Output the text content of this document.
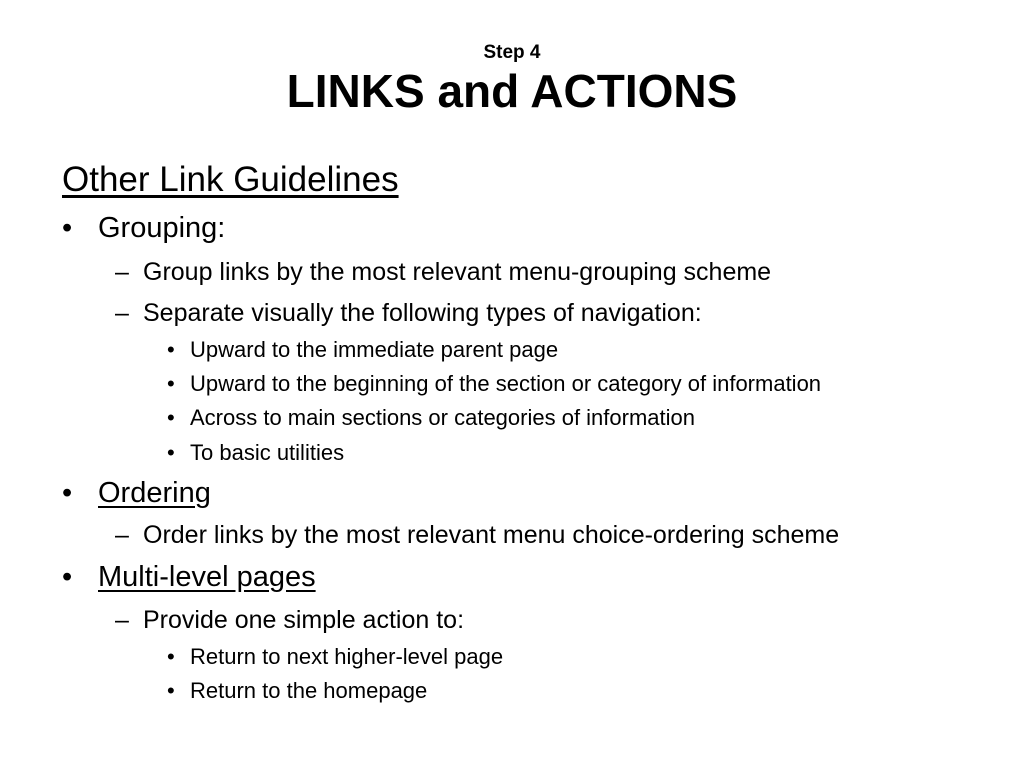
Step 4
LINKS and ACTIONS
Other Link Guidelines
• Grouping:
– Group links by the most relevant menu-grouping scheme
– Separate visually the following types of navigation:
• Upward to the immediate parent page
• Upward to the beginning of the section or category of information
• Across to main sections or categories of information
• To basic utilities
• Ordering
– Order links by the most relevant menu choice-ordering scheme
• Multi-level pages
– Provide one simple action to:
• Return to next higher-level page
• Return to the homepage
